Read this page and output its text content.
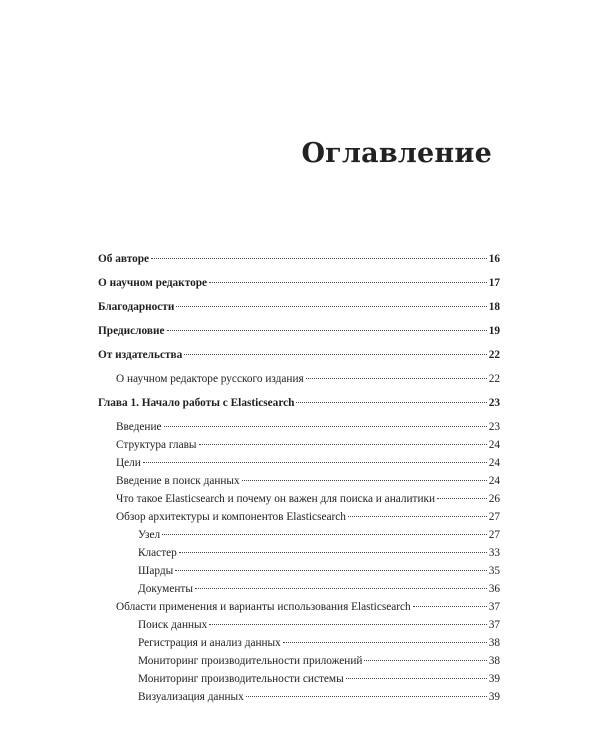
Оглавление
Об авторе	16
О научном редакторе	17
Благодарности	18
Предисловие	19
От издательства	22
О научном редакторе русского издания	22
Глава 1. Начало работы с Elasticsearch	23
Введение	23
Структура главы	24
Цели	24
Введение в поиск данных	24
Что такое Elasticsearch и почему он важен для поиска и аналитики	26
Обзор архитектуры и компонентов Elasticsearch	27
Узел	27
Кластер	33
Шарды	35
Документы	36
Области применения и варианты использования Elasticsearch	37
Поиск данных	37
Регистрация и анализ данных	38
Мониторинг производительности приложений	38
Мониторинг производительности системы	39
Визуализация данных	39
